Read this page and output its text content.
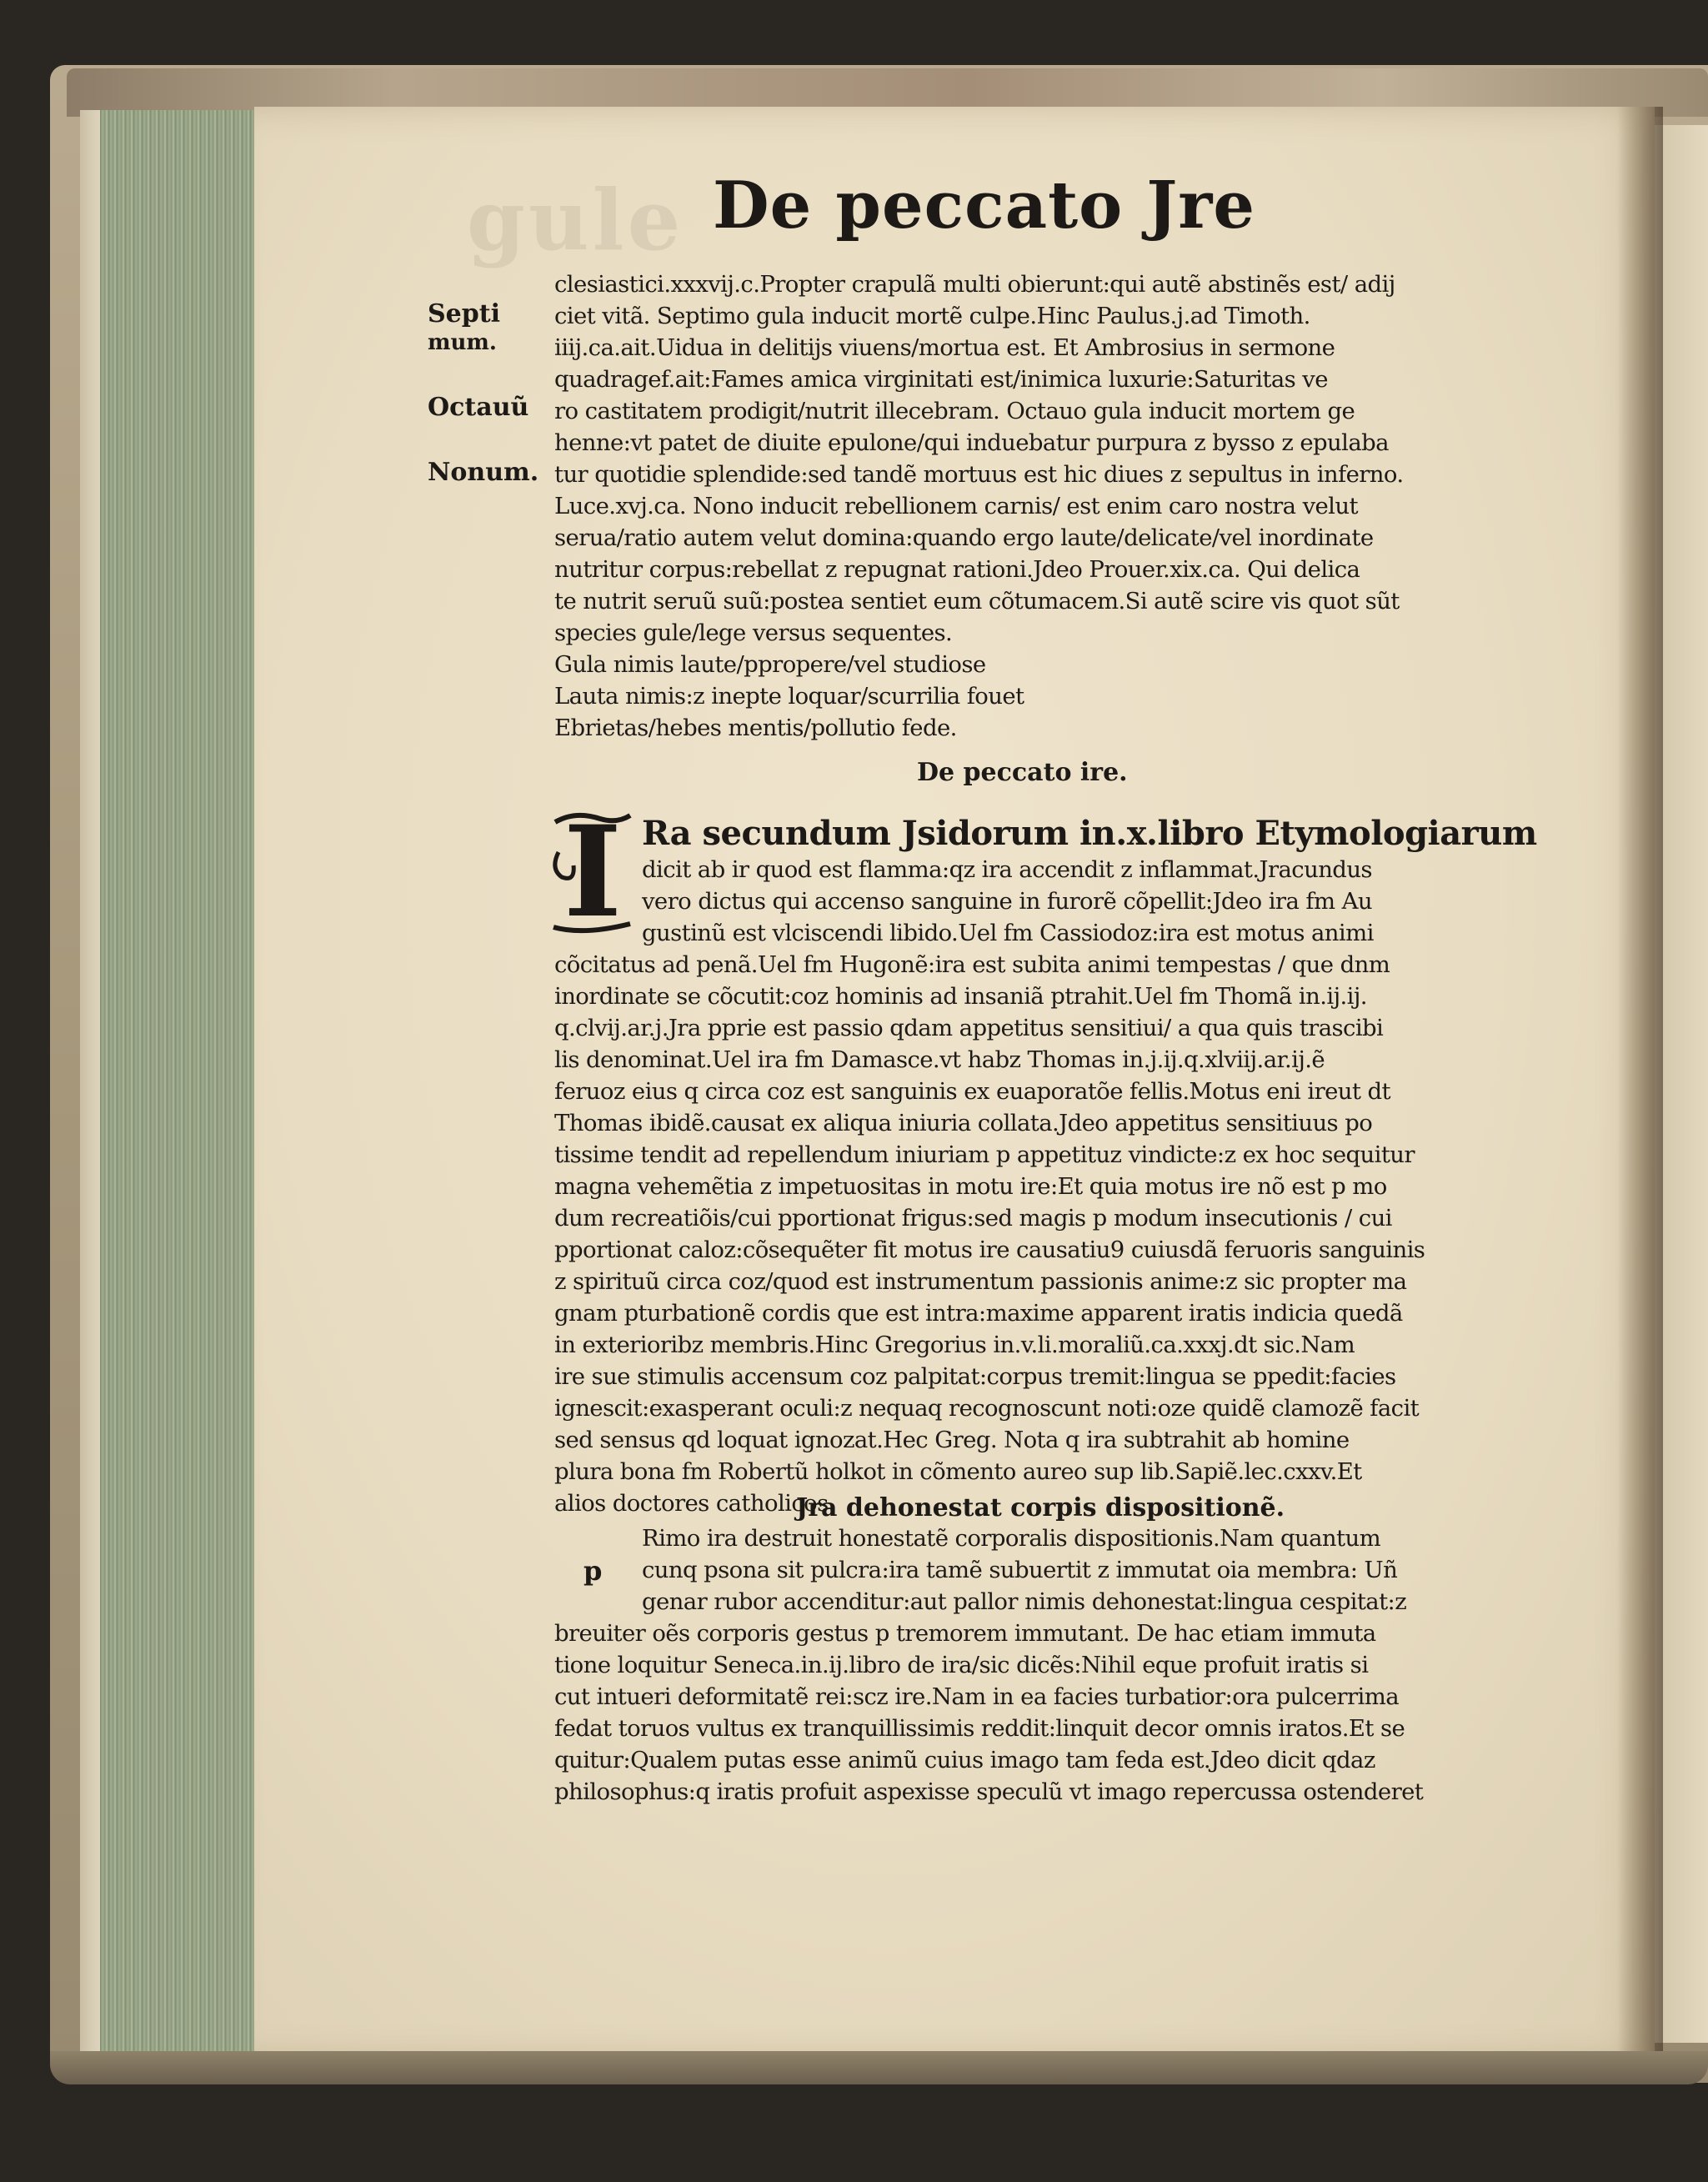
gule De peccato Jre
Septi
mum.
Octauũ
Nonum.
clesiastici.xxxvij.c.Propter crapulã multi obierunt:qui autẽ abstinẽs est/ adij
ciet vitã. Septimo gula inducit mortẽ culpe.Hinc Paulus.j.ad Timoth.
iiij.ca.ait.Uidua in delitijs viuens/mortua est. Et Ambrosius in sermone
quadragef.ait:Fames amica virginitati est/inimica luxurie:Saturitas ve
ro castitatem prodigit/nutrit illecebram. Octauo gula inducit mortem ge
henne:vt patet de diuite epulone/qui induebatur purpura z bysso z epulaba
tur quotidie splendide:sed tandẽ mortuus est hic diues z sepultus in inferno.
Luce.xvj.ca. Nono inducit rebellionem carnis/ est enim caro nostra velut
serua/ratio autem velut domina:quando ergo laute/delicate/vel inordinate
nutritur corpus:rebellat z repugnat rationi.Jdeo Prouer.xix.ca. Qui delica
te nutrit seruũ suũ:postea sentiet eum cõtumacem.Si autẽ scire vis quot sũt
species gule/lege versus sequentes.
Gula nimis laute/ppropere/vel studiose
Lauta nimis:z inepte loquar/scurrilia fouet
Ebrietas/hebes mentis/pollutio fede.
De peccato ire.
I Ra secundum Jsidorum in.x.libro Etymologiarum
dicit ab ir quod est flamma:qz ira accendit z inflammat.Jracundus
vero dictus qui accenso sanguine in furorẽ cõpellit:Jdeo ira fm Au
gustinũ est vlciscendi libido.Uel fm Cassiodoz:ira est motus animi
cõcitatus ad penã.Uel fm Hugonẽ:ira est subita animi tempestas / que dnm
inordinate se cõcutit:coz hominis ad insaniã ptrahit.Uel fm Thomã in.ij.ij.
q.clvij.ar.j.Jra pprie est passio qdam appetitus sensitiui/ a qua quis trascibi
lis denominat.Uel ira fm Damasce.vt habz Thomas in.j.ij.q.xlviij.ar.ij.ẽ
feruoz eius q circa coz est sanguinis ex euaporatõe fellis.Motus eni ireut dt
Thomas ibidẽ.causat ex aliqua iniuria collata.Jdeo appetitus sensitiuus po
tissime tendit ad repellendum iniuriam p appetituz vindicte:z ex hoc sequitur
magna vehemẽtia z impetuositas in motu ire:Et quia motus ire nõ est p mo
dum recreatiõis/cui pportionat frigus:sed magis p modum insecutionis / cui
pportionat caloz:cõsequẽter fit motus ire causatiu9 cuiusdã feruoris sanguinis
z spirituũ circa coz/quod est instrumentum passionis anime:z sic propter ma
gnam pturbationẽ cordis que est intra:maxime apparent iratis indicia quedã
in exterioribz membris.Hinc Gregorius in.v.li.moraliũ.ca.xxxj.dt sic.Nam
ire sue stimulis accensum coz palpitat:corpus tremit:lingua se ppedit:facies
ignescit:exasperant oculi:z nequaq recognoscunt noti:oze quidẽ clamozẽ facit
sed sensus qd loquat ignozat.Hec Greg. Nota q ira subtrahit ab homine
plura bona fm Robertũ holkot in cõmento aureo sup lib.Sapiẽ.lec.cxxv.Et
alios doctores catholicos.
Jra dehonestat corpis dispositionẽ.
p
Rimo ira destruit honestatẽ corporalis dispositionis.Nam quantum
cunq psona sit pulcra:ira tamẽ subuertit z immutat oia membra: Uñ
genar rubor accenditur:aut pallor nimis dehonestat:lingua cespitat:z
breuiter oẽs corporis gestus p tremorem immutant. De hac etiam immuta
tione loquitur Seneca.in.ij.libro de ira/sic dicẽs:Nihil eque profuit iratis si
cut intueri deformitatẽ rei:scz ire.Nam in ea facies turbatior:ora pulcerrima
fedat toruos vultus ex tranquillissimis reddit:linquit decor omnis iratos.Et se
quitur:Qualem putas esse animũ cuius imago tam feda est.Jdeo dicit qdaz
philosophus:q iratis profuit aspexisse speculũ vt imago repercussa ostenderet
